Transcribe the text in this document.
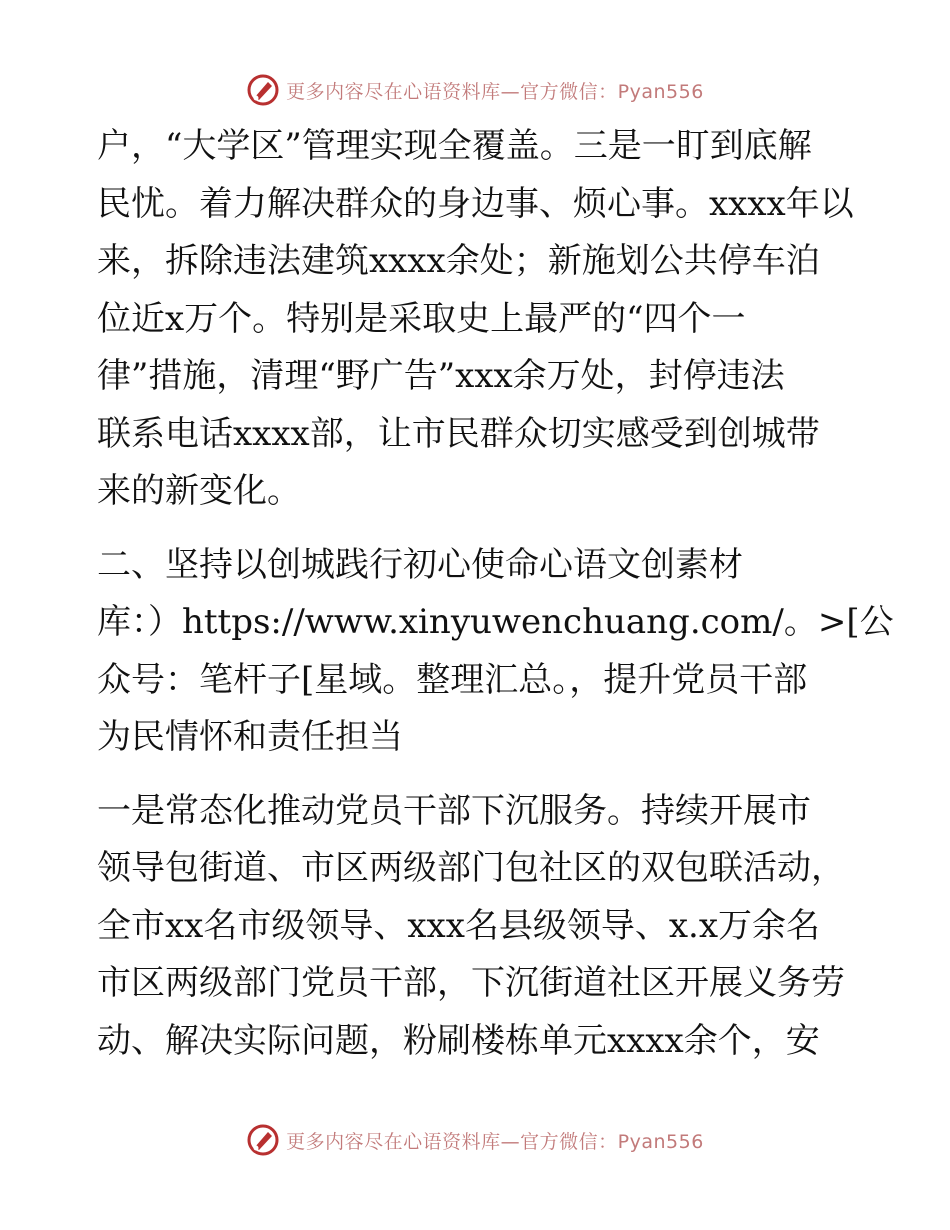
更多内容尽在心语资料库—官方微信：Pyan556

户，“大学区”管理实现全覆盖。三是一盯到底解
民忧。着力解决群众的身边事、烦心事。xxxx年以
来，拆除违法建筑xxxx余处；新施划公共停车泊
位近x万个。特别是采取史上最严的“四个一
律”措施，清理“野广告”xxx余万处，封停违法
联系电话xxxx部，让市民群众切实感受到创城带
来的新变化。

二、坚持以创城践行初心使命心语文创素材
库：）https://www.xinyuwenchuang.com/。>[公
众号：笔杆子[星域。整理汇总。，提升党员干部
为民情怀和责任担当

一是常态化推动党员干部下沉服务。持续开展市
领导包街道、市区两级部门包社区的双包联活动，
全市xx名市级领导、xxx名县级领导、x.x万余名
市区两级部门党员干部，下沉街道社区开展义务劳
动、解决实际问题，粉刷楼栋单元xxxx余个，安

更多内容尽在心语资料库—官方微信：Pyan556
